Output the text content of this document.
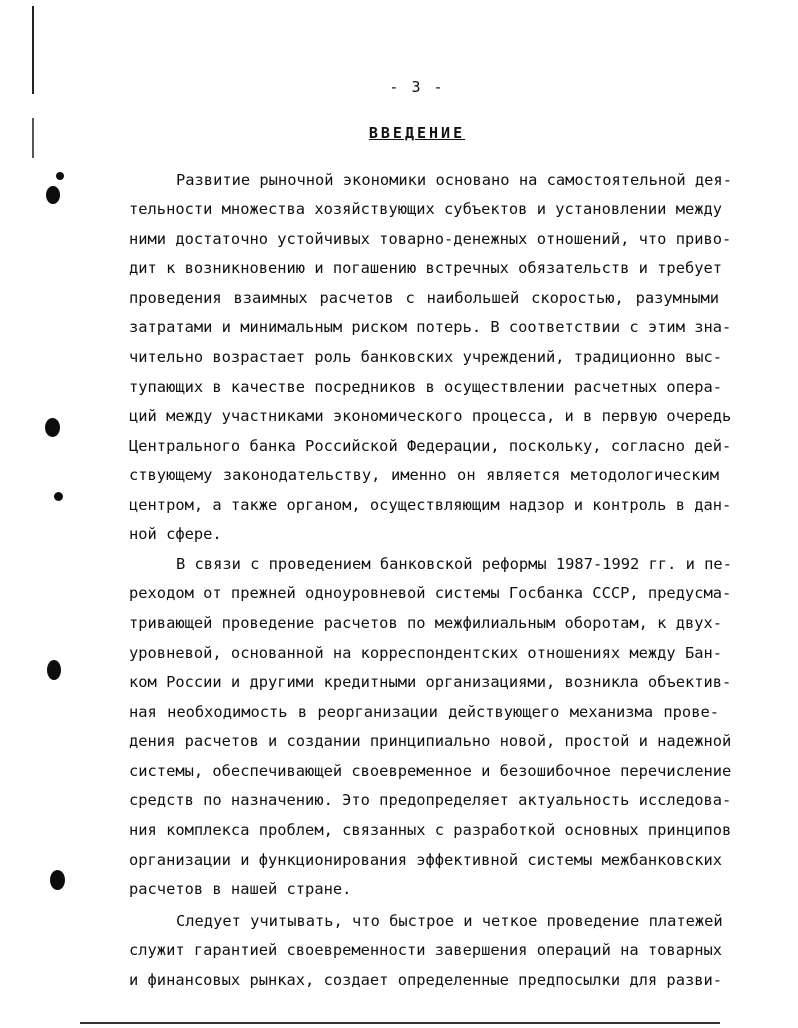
- 3 -
ВВЕДЕНИЕ
Развитие рыночной экономики основано на самостоятельной дея-
тельности множества хозяйствующих субъектов и установлении между
ними достаточно устойчивых товарно-денежных отношений, что приво-
дит к возникновению и погашению встречных обязательств и требует
проведения взаимных расчетов с наибольшей скоростью, разумными
затратами и минимальным риском потерь. В соответствии с этим зна-
чительно возрастает роль банковских учреждений, традиционно выс-
тупающих в качестве посредников в осуществлении расчетных опера-
ций между участниками экономического процесса, и в первую очередь
Центрального банка Российской Федерации, поскольку, согласно дей-
ствующему законодательству, именно он является методологическим
центром, а также органом, осуществляющим надзор и контроль в дан-
ной сфере.
В связи с проведением банковской реформы 1987-1992 гг. и пе-
реходом от прежней одноуровневой системы Госбанка СССР, предусма-
тривающей проведение расчетов по межфилиальным оборотам, к двух-
уровневой, основанной на корреспондентских отношениях между Бан-
ком России и другими кредитными организациями, возникла объектив-
ная необходимость в реорганизации действующего механизма прове-
дения расчетов и создании принципиально новой, простой и надежной
системы, обеспечивающей своевременное и безошибочное перечисление
средств по назначению. Это предопределяет актуальность исследова-
ния комплекса проблем, связанных с разработкой основных принципов
организации и функционирования эффективной системы межбанковских
расчетов в нашей стране.
Следует учитывать, что быстрое и четкое проведение платежей
служит гарантией своевременности завершения операций на товарных
и финансовых рынках, создает определенные предпосылки для разви-
